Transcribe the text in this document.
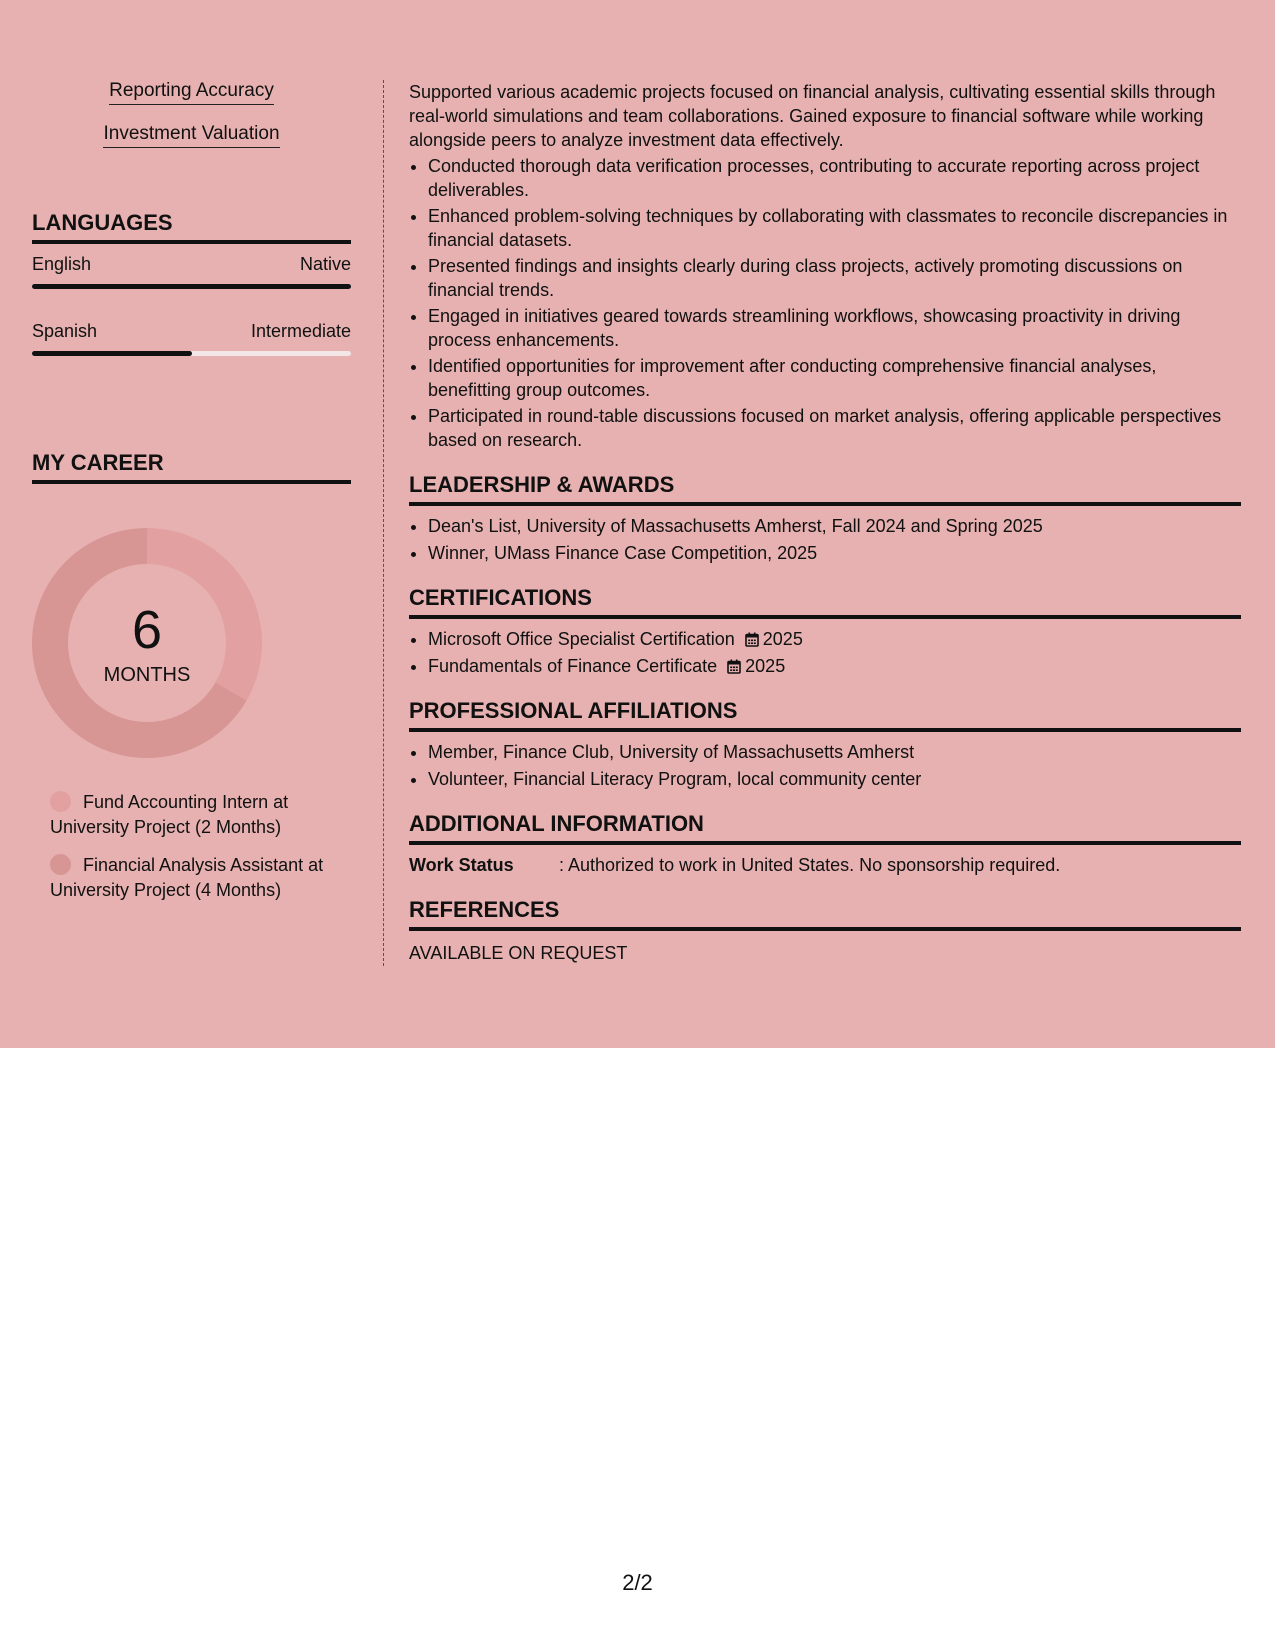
Reporting Accuracy
Investment Valuation
LANGUAGES
English	Native
Spanish	Intermediate
MY CAREER
6
MONTHS
Fund Accounting Intern at University Project (2 Months)
Financial Analysis Assistant at University Project (4 Months)

Supported various academic projects focused on financial analysis, cultivating essential skills through real-world simulations and team collaborations. Gained exposure to financial software while working alongside peers to analyze investment data effectively.

• Conducted thorough data verification processes, contributing to accurate reporting across project deliverables.
• Enhanced problem-solving techniques by collaborating with classmates to reconcile discrepancies in financial datasets.
• Presented findings and insights clearly during class projects, actively promoting discussions on financial trends.
• Engaged in initiatives geared towards streamlining workflows, showcasing proactivity in driving process enhancements.
• Identified opportunities for improvement after conducting comprehensive financial analyses, benefitting group outcomes.
• Participated in round-table discussions focused on market analysis, offering applicable perspectives based on research.
LEADERSHIP & AWARDS
• Dean's List, University of Massachusetts Amherst, Fall 2024 and Spring 2025
• Winner, UMass Finance Case Competition, 2025
CERTIFICATIONS
• Microsoft Office Specialist Certification 2025
• Fundamentals of Finance Certificate 2025
PROFESSIONAL AFFILIATIONS
• Member, Finance Club, University of Massachusetts Amherst
• Volunteer, Financial Literacy Program, local community center
ADDITIONAL INFORMATION
Work Status	: Authorized to work in United States. No sponsorship required.
REFERENCES
AVAILABLE ON REQUEST
2/2
